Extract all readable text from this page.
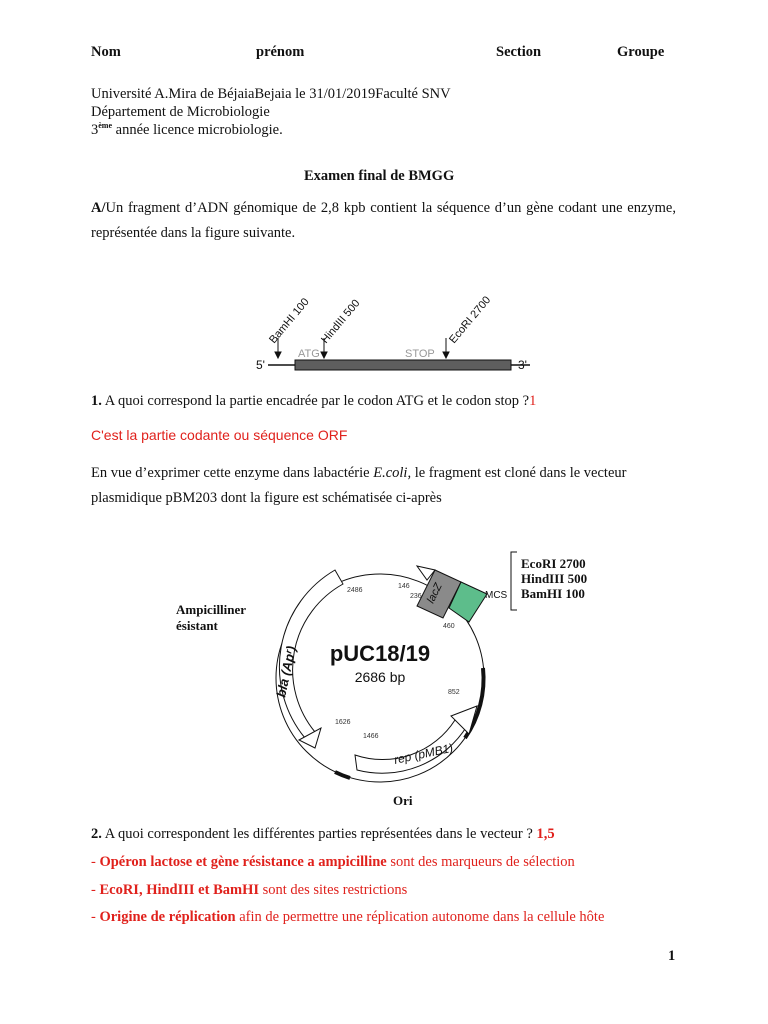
Nom	prénom	Section	Groupe
Université A.Mira de BéjaiaBejaia le 31/01/2019Faculté SNV
Département de Microbiologie
3ème année licence microbiologie.
Examen final de BMGG
A/Un fragment d’ADN génomique de 2,8 kpb contient la séquence d’un gène codant une enzyme, représentée dans la figure suivante.
5'	3'
ATG	STOP
BamHI 100 HindIII 500	EcoRI 2700
1. A quoi correspond la partie encadrée par le codon ATG et le codon stop ?1
C'est la partie codante ou séquence ORF
En vue d’exprimer cette enzyme dans labactérie E.coli, le fragment est cloné dans le vecteur plasmidique pBM203 dont la figure est schématisée ci-après
bla (Apʳ)
rep (pMB1)
lacZ	MCS
2486
146
236
460
852
1626
1466
pUC18/19
2686 bp
EcoRI 2700
HindIII 500
BamHI 100
Ampicilliner
ésistant
Ori
2. A quoi correspondent les différentes parties représentées dans le vecteur ? 1,5
- Opéron lactose et gène résistance a ampicilline sont des marqueurs de sélection
- EcoRI, HindIII et BamHI sont des sites restrictions
- Origine de réplication afin de permettre une réplication autonome dans la cellule hôte
1
